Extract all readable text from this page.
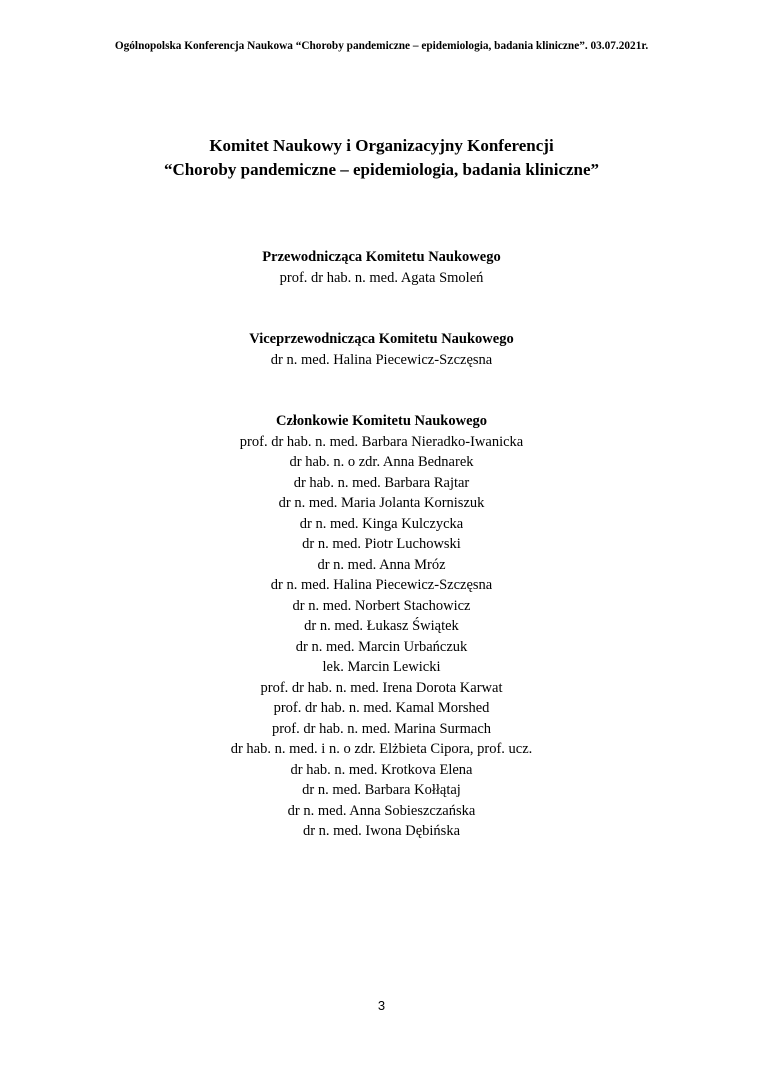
Ogólnopolska Konferencja Naukowa “Choroby pandemiczne – epidemiologia, badania kliniczne”. 03.07.2021r.
Komitet Naukowy i Organizacyjny Konferencji
“Choroby pandemiczne – epidemiologia, badania kliniczne”
Przewodnicząca Komitetu Naukowego
prof. dr hab. n. med. Agata Smoleń
Viceprzewodnicząca Komitetu Naukowego
dr n. med. Halina Piecewicz-Szczęsna
Członkowie Komitetu Naukowego
prof. dr hab. n. med. Barbara Nieradko-Iwanicka
dr hab. n. o zdr. Anna Bednarek
dr hab. n. med. Barbara Rajtar
dr n. med. Maria Jolanta Korniszuk
dr n. med. Kinga Kulczycka
dr n. med. Piotr Luchowski
dr n. med. Anna Mróz
dr n. med. Halina Piecewicz-Szczęsna
dr n. med. Norbert Stachowicz
dr n. med. Łukasz Świątek
dr n. med. Marcin Urbańczuk
lek. Marcin Lewicki
prof. dr hab. n. med. Irena Dorota Karwat
prof. dr hab. n. med. Kamal Morshed
prof. dr hab. n. med. Marina Surmach
dr hab. n. med. i n. o zdr. Elżbieta Cipora, prof. ucz.
dr hab. n. med. Krotkova Elena
dr n. med. Barbara Kołłątaj
dr n. med. Anna Sobieszczańska
dr n. med. Iwona Dębińska
3
